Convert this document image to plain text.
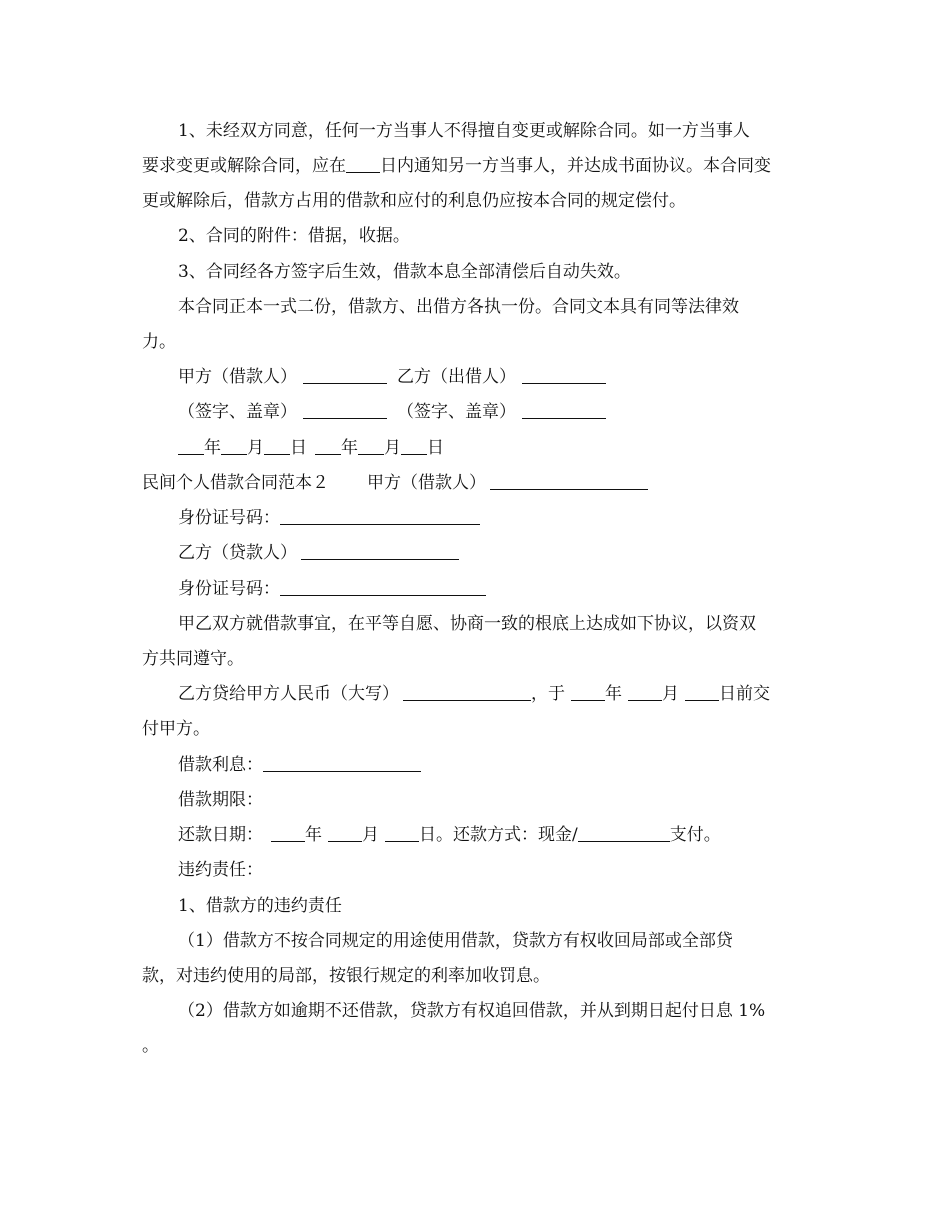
1、未经双方同意，任何一方当事人不得擅自变更或解除合同。如一方当事人
要求变更或解除合同，应在 日内通知另一方当事人，并达成书面协议。本合同变
更或解除后，借款方占用的借款和应付的利息仍应按本合同的规定偿付。
2、合同的附件：借据，收据。
3、合同经各方签字后生效，借款本息全部清偿后自动失效。
本合同正本一式二份，借款方、出借方各执一份。合同文本具有同等法律效
力。
甲方（借款人）	乙方（出借人）
（签字、盖章）	（签字、盖章）
年 月 日 年 月 日
民间个人借款合同范本２ 甲方（借款人）
身份证号码：
乙方（贷款人）
身份证号码：
甲乙双方就借款事宜，在平等自愿、协商一致的根底上达成如下协议，以资双
方共同遵守。
乙方贷给甲方人民币（大写）	，于 年 月 日前交
付甲方。
借款利息：
借款期限：
还款日期： 年 月 日。还款方式：现金/	支付。
违约责任：
1、借款方的违约责任
（1）借款方不按合同规定的用途使用借款，贷款方有权收回局部或全部贷
款，对违约使用的局部，按银行规定的利率加收罚息。
（2）借款方如逾期不还借款，贷款方有权追回借款，并从到期日起付日息 1%
。
